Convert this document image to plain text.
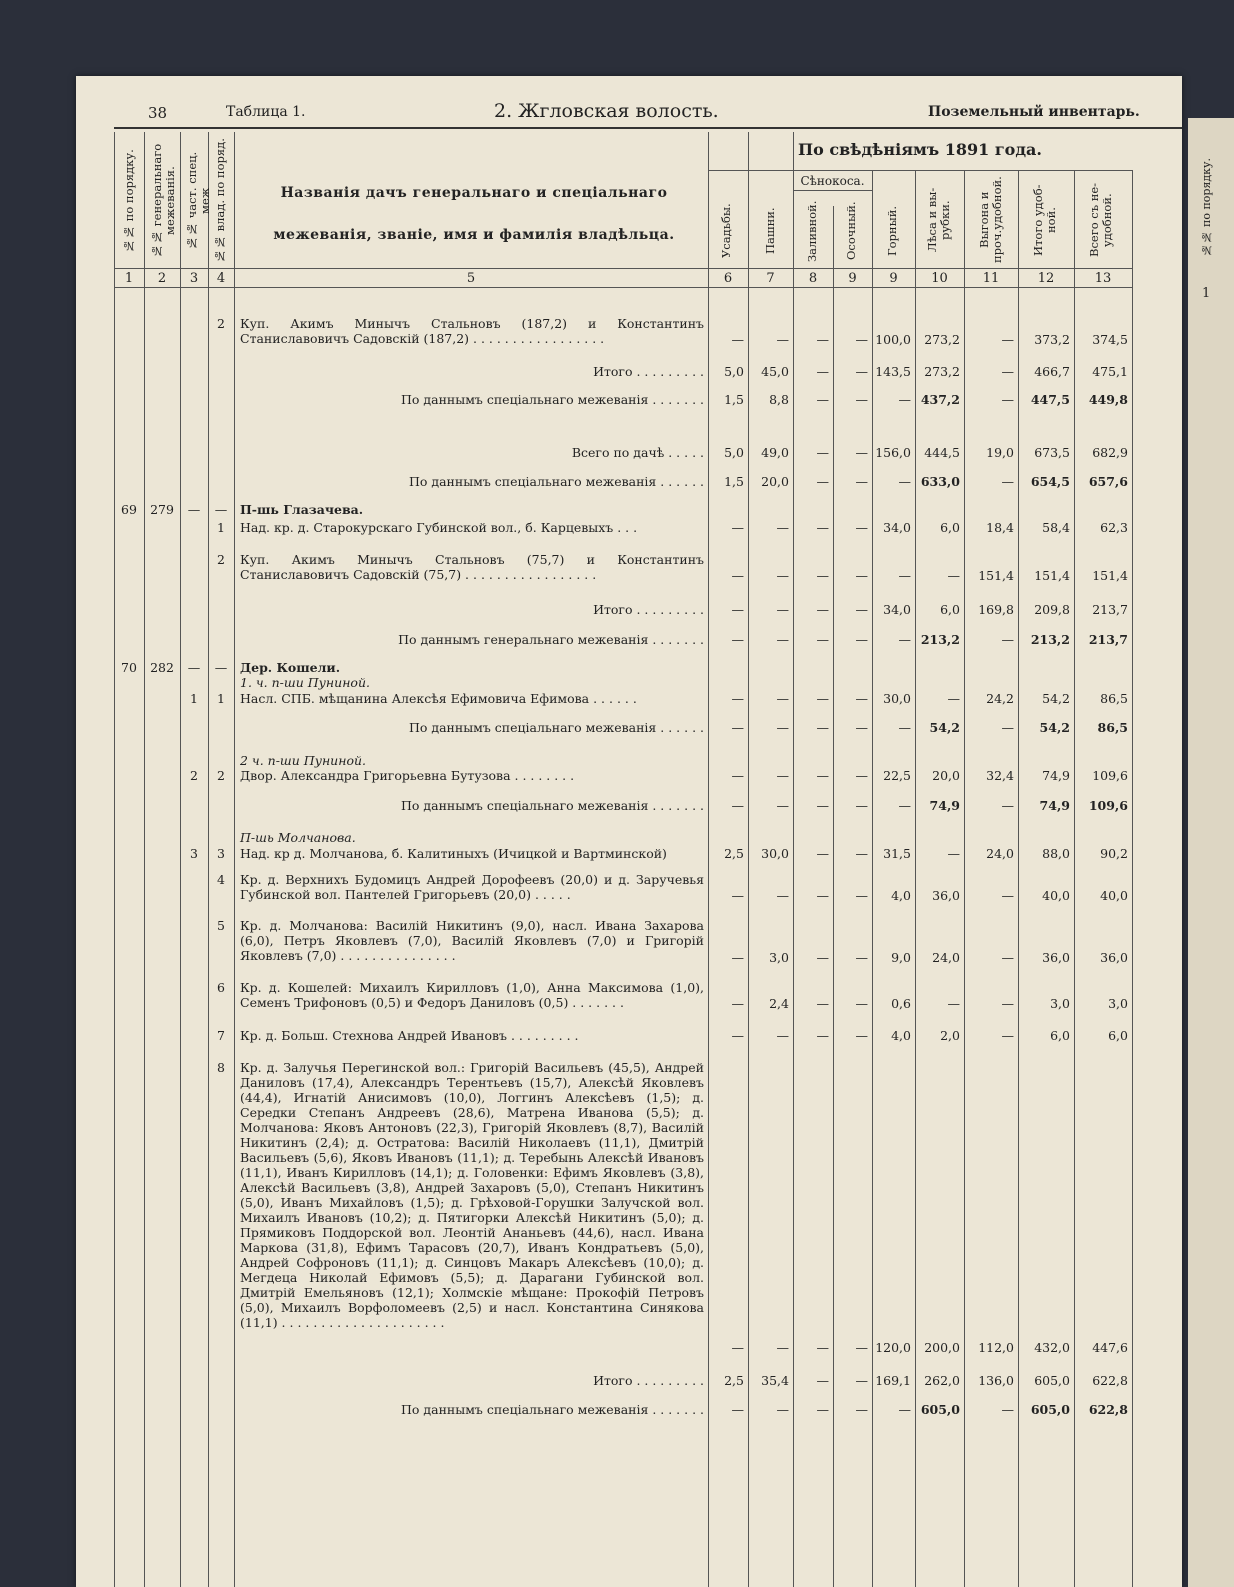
38	Таблица 1.	2. Жгловская волость.	Поземельный инвентарь.
№№ по порядку. №№ генеральнаго межеванія. №№ част. спец. меж №№ влад. по поряд.	Названія дачъ генеральнаго и спеціальнаго межеванія, званіе, имя и фамилія владѣльца.
По свѣдѣніямъ 1891 года.
Усадьбы.	Пашни.
Сѣнокоса.
Заливной. Осочный. Горный. Лѣса и вы-рубки. Выгона и проч.удобной. Итого удоб-ной.	Всего съ не-удобной.
1	2	3	4	5	6	7	8	9	9	10	11	12	13
2	Куп. Акимъ Минычъ Стальновъ (187,2) и Константинъ Станиславовичъ Садовскій (187,2) . . . . . . . . . . . . . . . . .	—	—	—	— 100,0	273,2	—	373,2	374,5
Итого . . . . . . . . .	5,0	45,0	—	— 143,5	273,2	—	466,7	475,1
По даннымъ спеціальнаго межеванія . . . . . . .	1,5	8,8	—	—	— 437,2	—	447,5	449,8
Всего по дачѣ . . . . .	5,0	49,0	—	— 156,0	444,5	19,0	673,5	682,9
По даннымъ спеціальнаго межеванія . . . . . .	1,5	20,0	—	—	— 633,0	—	654,5	657,6
69	279	—	—	П-шь Глазачева.
1	Над. кр. д. Старокурскаго Губинской вол., б. Карцевыхъ . . .	—	—	—	—	34,0	6,0	18,4	58,4	62,3
2	Куп. Акимъ Минычъ Стальновъ (75,7) и Константинъ Станиславовичъ Садовскій (75,7) . . . . . . . . . . . . . . . . .	—	—	—	—	—	—	151,4	151,4	151,4
Итого . . . . . . . . .	—	—	—	—	34,0	6,0	169,8	209,8	213,7
По даннымъ генеральнаго межеванія . . . . . . .	—	—	—	—	— 213,2	—	213,2	213,7
70	282	—	—	Дер. Кошели.
1. ч. п-ши Пуниной.
1	1	Насл. СПБ. мѣщанина Алексѣя Ефимовича Ефимова . . . . . .	—	—	—	—	30,0	—	24,2	54,2	86,5
По даннымъ спеціальнаго межеванія . . . . . .	—	—	—	—	—	54,2	—	54,2	86,5
2 ч. п-ши Пуниной.
2	2	Двор. Александра Григорьевна Бутузова . . . . . . . .	—	—	—	—	22,5	20,0	32,4	74,9	109,6
По даннымъ спеціальнаго межеванія . . . . . . .	—	—	—	—	—	74,9	—	74,9	109,6
П-шь Молчанова.
3	3	Над. кр д. Молчанова, б. Калитиныхъ (Ичицкой и Вартминской)	2,5	30,0	—	—	31,5	—	24,0	88,0	90,2
4	Кр. д. Верхнихъ Будомицъ Андрей Дорофеевъ (20,0) и д. Заручевья Губинской вол. Пантелей Григорьевъ (20,0) . . . . .	—	—	—	—	4,0	36,0	—	40,0	40,0
5	Кр. д. Молчанова: Василій Никитинъ (9,0), насл. Ивана Захарова (6,0), Петръ Яковлевъ (7,0), Василій Яковлевъ (7,0) и Григорій Яковлевъ (7,0) . . . . . . . . . . . . . . .	—	3,0	—	—	9,0	24,0	—	36,0	36,0
6	Кр. д. Кошелей: Михаилъ Кирилловъ (1,0), Анна Максимова (1,0), Семенъ Трифоновъ (0,5) и Федоръ Даниловъ (0,5) . . . . . . .	—	2,4	—	—	0,6	—	—	3,0	3,0
7	Кр. д. Больш. Стехнова Андрей Ивановъ . . . . . . . . .	—	—	—	—	4,0	2,0	—	6,0	6,0
8	Кр. д. Залучья Перегинской вол.: Григорій Васильевъ (45,5), Андрей Даниловъ (17,4), Александръ Терентьевъ (15,7), Алексѣй Яковлевъ (44,4), Игнатій Анисимовъ (10,0), Логгинъ Алексѣевъ (1,5); д. Середки Степанъ Андреевъ (28,6), Матрена Иванова (5,5); д. Молчанова: Яковъ Антоновъ (22,3), Григорій Яковлевъ (8,7), Василій Никитинъ (2,4); д. Остратова: Василій Николаевъ (11,1), Дмитрій Васильевъ (5,6), Яковъ Ивановъ (11,1); д. Теребынь Алексѣй Ивановъ (11,1), Иванъ Кирилловъ (14,1); д. Головенки: Ефимъ Яковлевъ (3,8), Алексѣй Васильевъ (3,8), Андрей Захаровъ (5,0), Степанъ Никитинъ (5,0), Иванъ Михайловъ (1,5); д. Грѣховой-Горушки Залучской вол. Михаилъ Ивановъ (10,2); д. Пятигорки Алексѣй Никитинъ (5,0); д. Прямиковъ Поддорской вол. Леонтій Ананьевъ (44,6), насл. Ивана Маркова (31,8), Ефимъ Тарасовъ (20,7), Иванъ Кондратьевъ (5,0), Андрей Софроновъ (11,1); д. Синцовъ Макаръ Алексѣевъ (10,0); д. Мегдеца Николай Ефимовъ (5,5); д. Дарагани Губинской вол. Дмитрій Емельяновъ (12,1); Холмскіе мѣщане: Прокофій Петровъ (5,0), Михаилъ Ворфоломеевъ (2,5) и насл. Константина Синякова (11,1) . . . . . . . . . . . . . . . . . . . . .
—	—	—	— 120,0	200,0	112,0	432,0	447,6
Итого . . . . . . . . .	2,5	35,4	—	— 169,1	262,0	136,0	605,0	622,8
По даннымъ спеціальнаго межеванія . . . . . . .	—	—	—	—	— 605,0	—	605,0	622,8
№№ по порядку.
1
